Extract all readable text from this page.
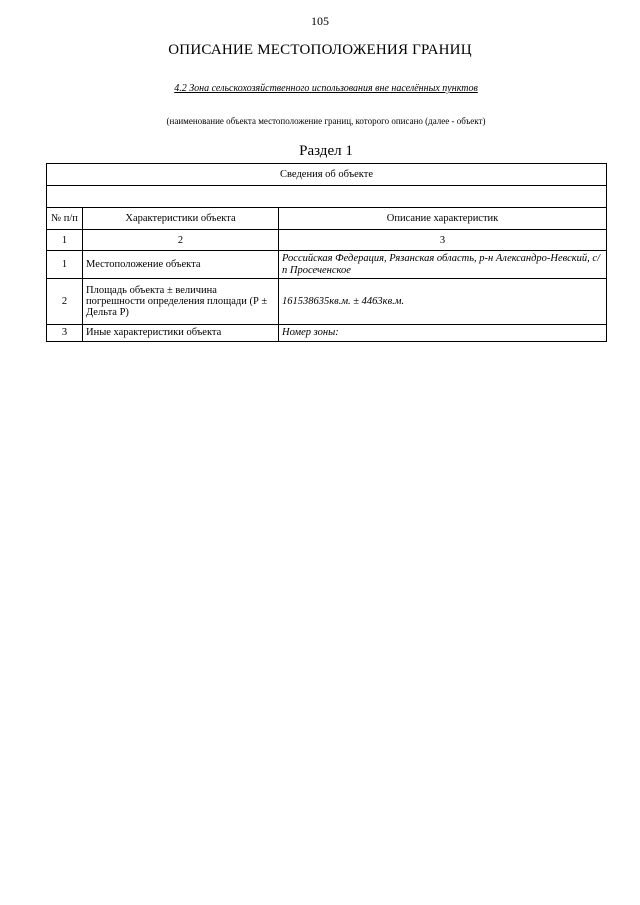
105
ОПИСАНИЕ МЕСТОПОЛОЖЕНИЯ ГРАНИЦ
4.2 Зона сельскохозяйственного использования вне населённых пунктов
(наименование объекта местоположение границ, которого описано (далее - объект)
Раздел 1
Сведения об объекте		

№ п/п	Характеристики объекта	Описание характеристик
1	2	3
1	Местоположение объекта	Российская Федерация, Рязанская область, р-н Александро-Невский, с/п Просеченское
2	Площадь объекта ± величина погрешности определения площади (Р ± Дельта Р)	161538635кв.м. ± 4463кв.м.
3	Иные характеристики объекта	Номер зоны:
